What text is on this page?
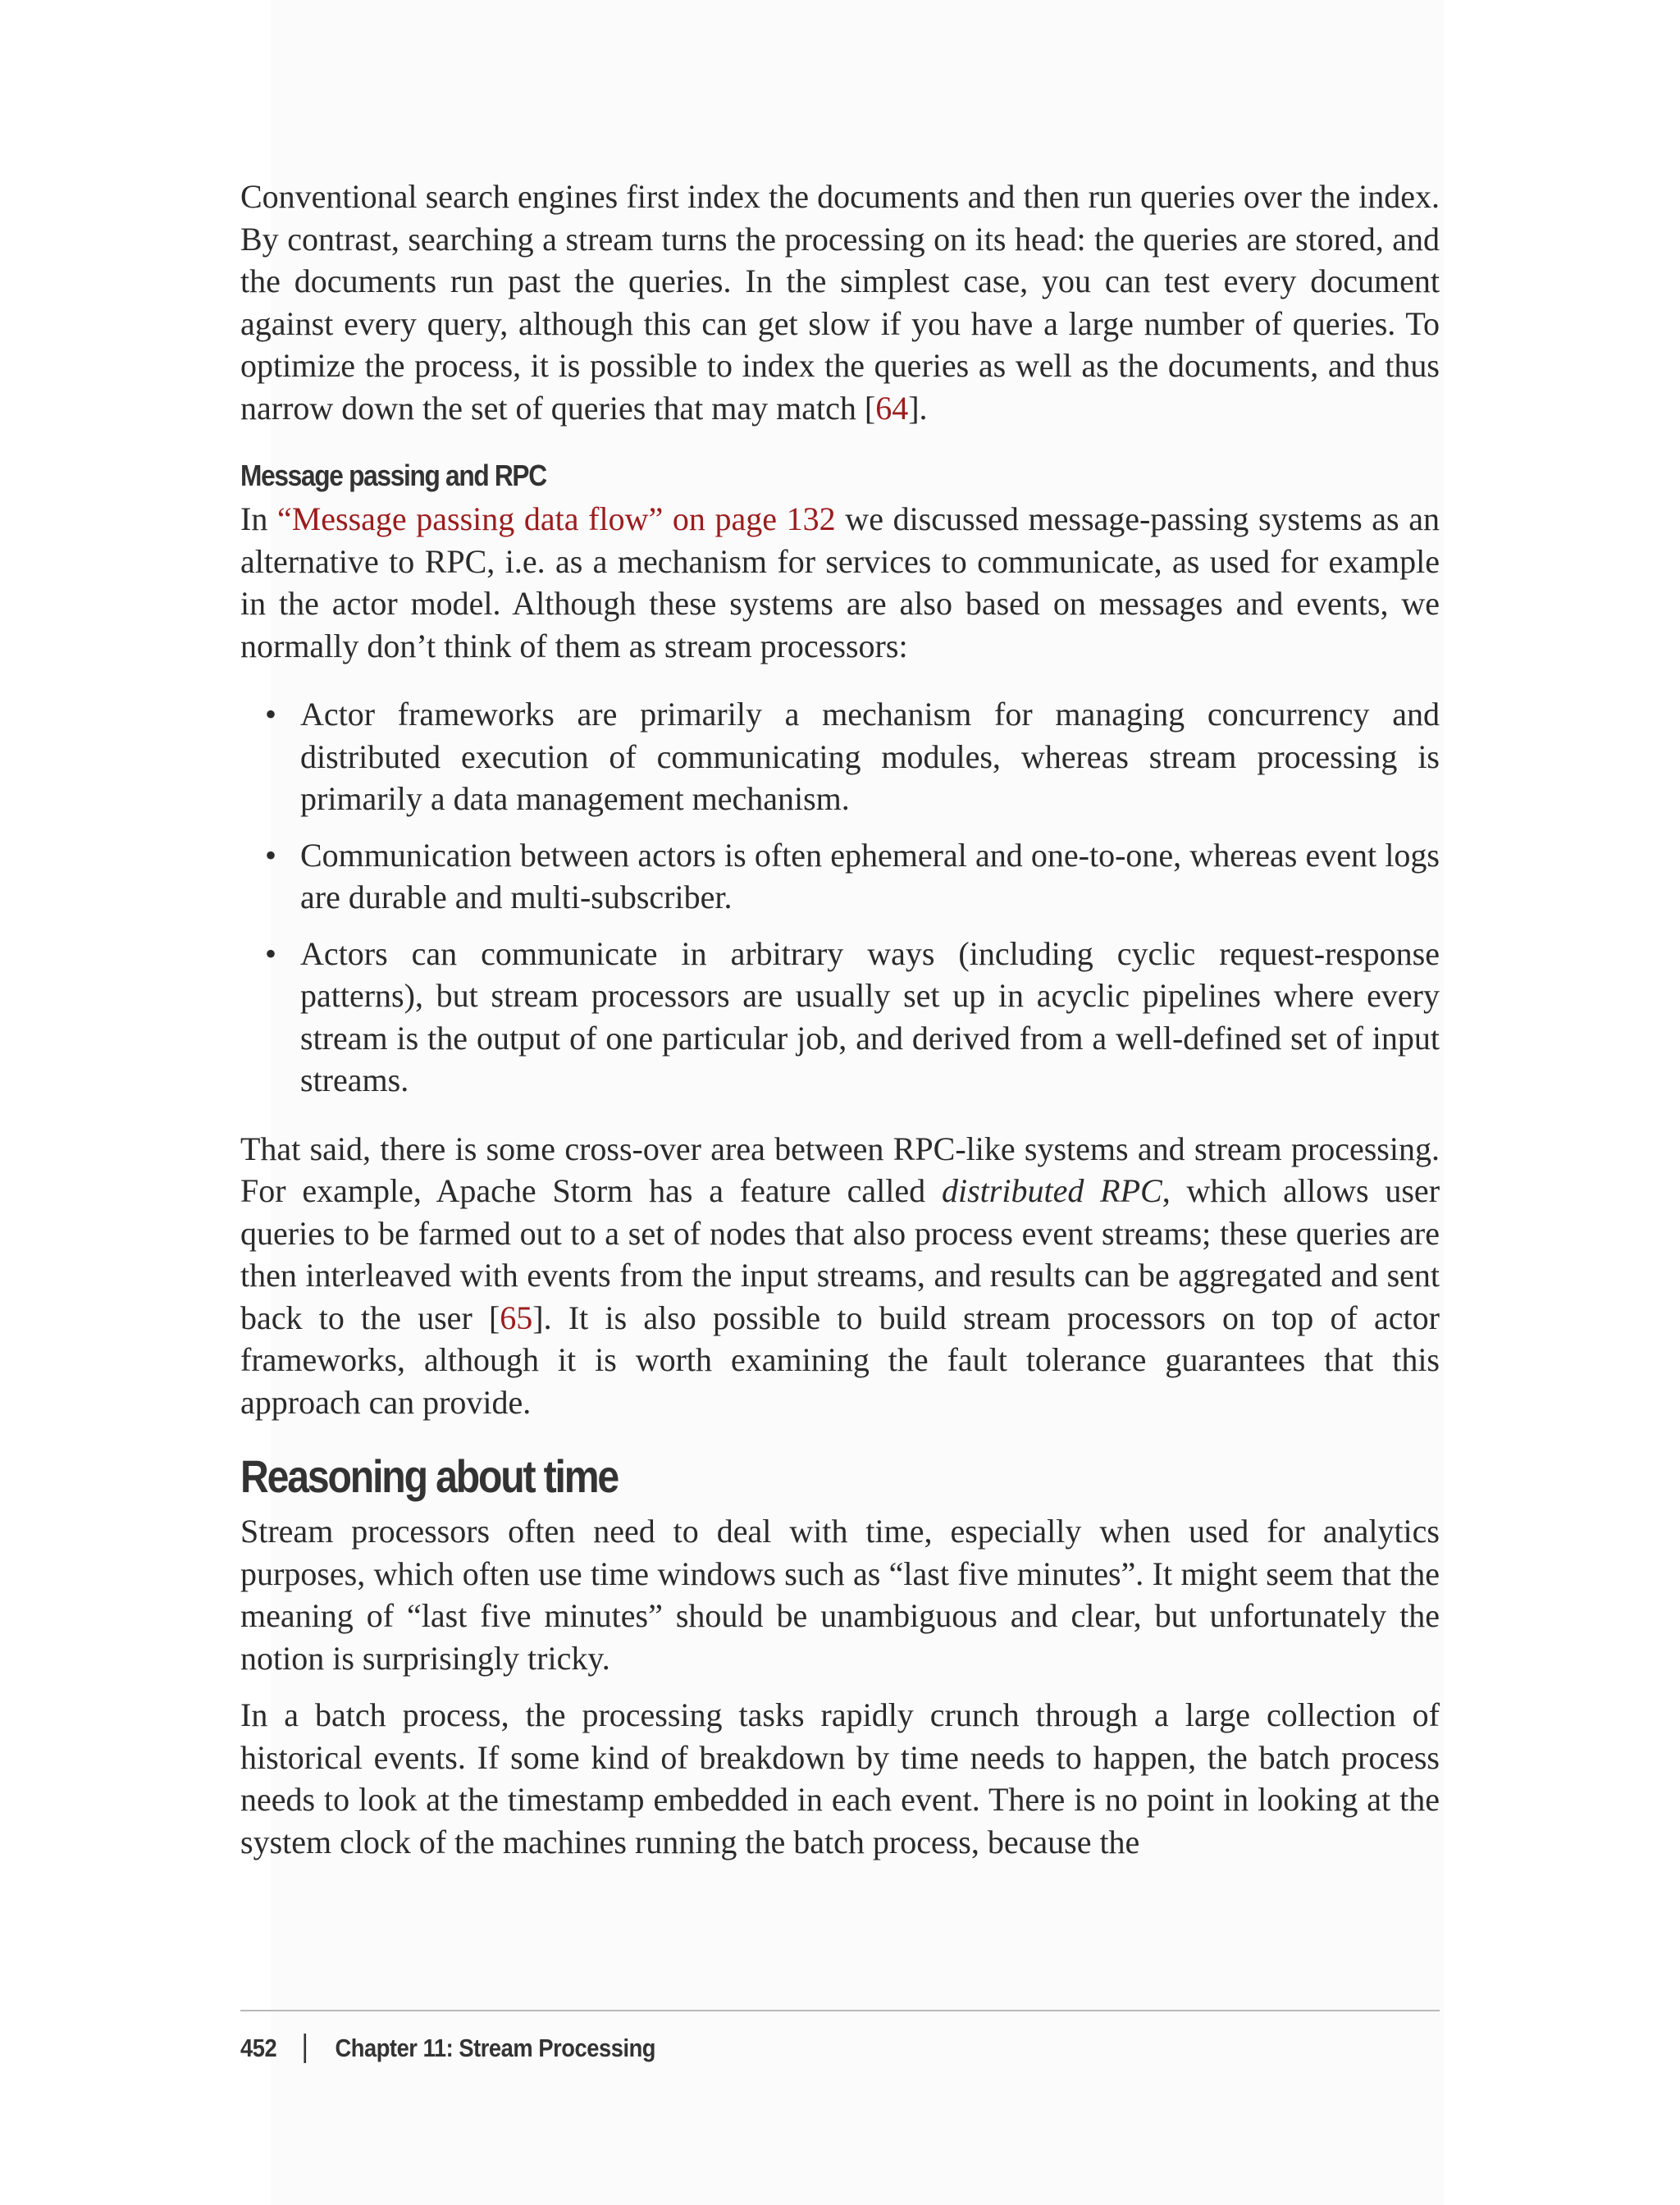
Conventional search engines first index the documents and then run queries over the index. By contrast, searching a stream turns the processing on its head: the queries are stored, and the documents run past the queries. In the simplest case, you can test every document against every query, although this can get slow if you have a large number of queries. To optimize the process, it is possible to index the queries as well as the documents, and thus narrow down the set of queries that may match [64].

Message passing and RPC

In “Message passing data flow” on page 132 we discussed message-passing systems as an alternative to RPC, i.e. as a mechanism for services to communicate, as used for example in the actor model. Although these systems are also based on messages and events, we normally don’t think of them as stream processors:

• Actor frameworks are primarily a mechanism for managing concurrency and distributed execution of communicating modules, whereas stream processing is primarily a data management mechanism.
• Communication between actors is often ephemeral and one-to-one, whereas event logs are durable and multi-subscriber.
• Actors can communicate in arbitrary ways (including cyclic request-response patterns), but stream processors are usually set up in acyclic pipelines where every stream is the output of one particular job, and derived from a well-defined set of input streams.

That said, there is some cross-over area between RPC-like systems and stream processing. For example, Apache Storm has a feature called distributed RPC, which allows user queries to be farmed out to a set of nodes that also process event streams; these queries are then interleaved with events from the input streams, and results can be aggregated and sent back to the user [65]. It is also possible to build stream processors on top of actor frameworks, although it is worth examining the fault tolerance guarantees that this approach can provide.

Reasoning about time

Stream processors often need to deal with time, especially when used for analytics purposes, which often use time windows such as “last five minutes”. It might seem that the meaning of “last five minutes” should be unambiguous and clear, but unfortunately the notion is surprisingly tricky.

In a batch process, the processing tasks rapidly crunch through a large collection of historical events. If some kind of breakdown by time needs to happen, the batch process needs to look at the timestamp embedded in each event. There is no point in looking at the system clock of the machines running the batch process, because the

452 Chapter 11: Stream Processing
